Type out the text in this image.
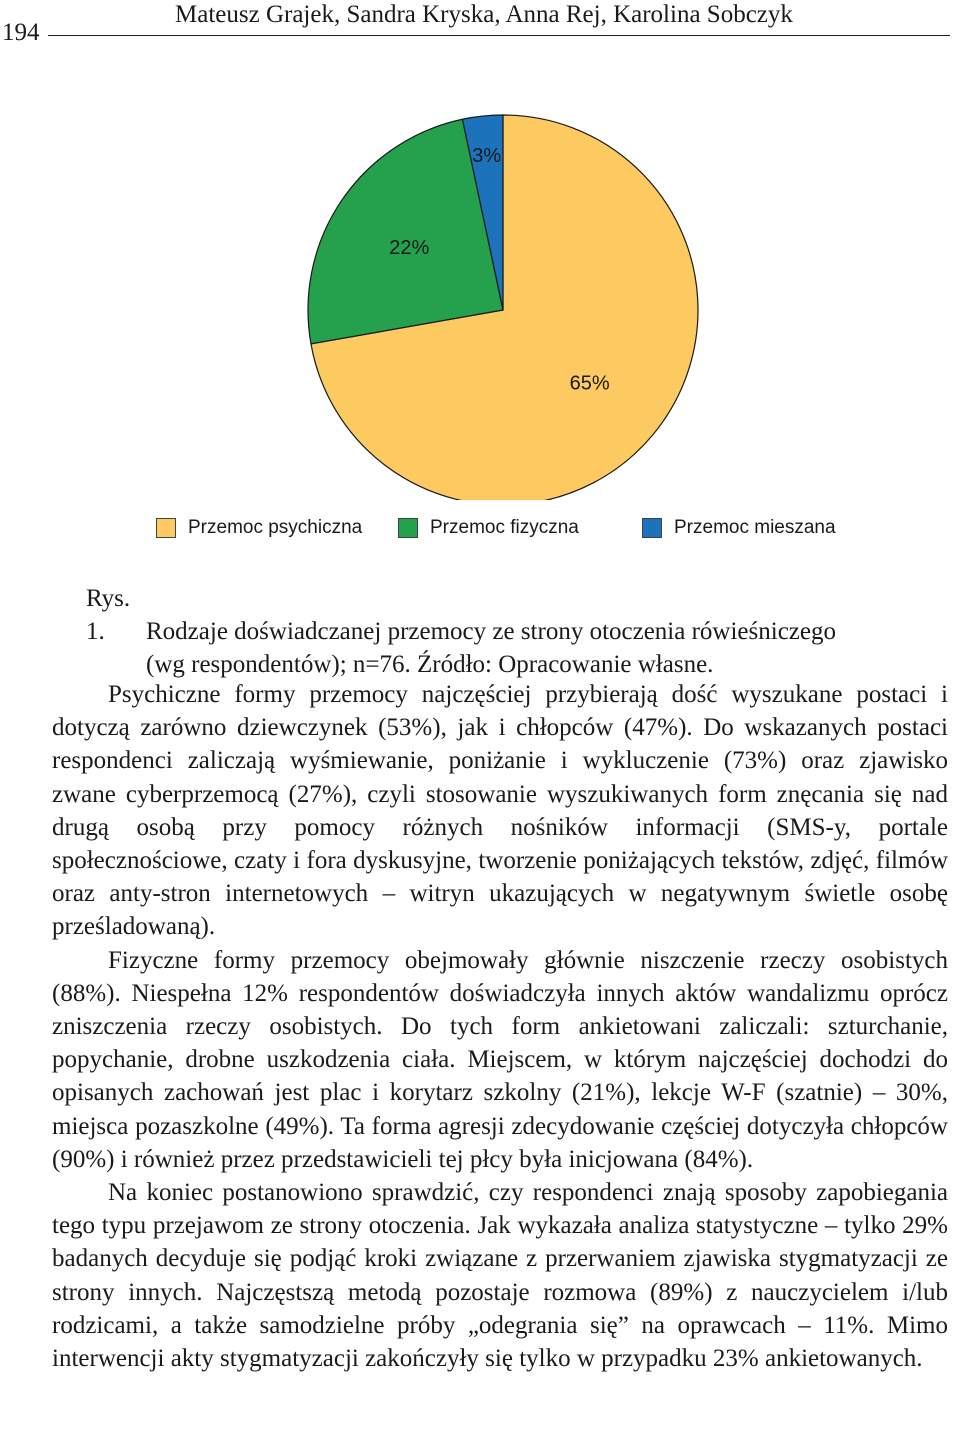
194
Mateusz Grajek, Sandra Kryska, Anna Rej, Karolina Sobczyk
65%
22%
3%
Przemoc psychiczna	Przemoc fizyczna	Przemoc mieszana
Rys. 1. Rodzaje doświadczanej przemocy ze strony otoczenia rówieśniczego
(wg respondentów); n=76. Źródło: Opracowanie własne.

Psychiczne formy przemocy najczęściej przybierają dość wyszukane postaci i dotyczą zarówno dziewczynek (53%), jak i chłopców (47%). Do wskazanych postaci respondenci zaliczają wyśmiewanie, poniżanie i wykluczenie (73%) oraz zjawisko zwane cyberprzemocą (27%), czyli stosowanie wyszukiwanych form znęcania się nad drugą osobą przy pomocy różnych nośników informacji (SMS-y, portale społecznościowe, czaty i fora dyskusyjne, tworzenie poniżających tekstów, zdjęć, filmów oraz anty-stron internetowych – witryn ukazujących w negatywnym świetle osobę prześladowaną).

Fizyczne formy przemocy obejmowały głównie niszczenie rzeczy osobistych (88%). Niespełna 12% respondentów doświadczyła innych aktów wandalizmu oprócz zniszczenia rzeczy osobistych. Do tych form ankietowani zaliczali: szturchanie, popychanie, drobne uszkodzenia ciała. Miejscem, w którym najczęściej dochodzi do opisanych zachowań jest plac i korytarz szkolny (21%), lekcje W-F (szatnie) – 30%, miejsca pozaszkolne (49%). Ta forma agresji zdecydowanie częściej dotyczyła chłopców (90%) i również przez przedstawicieli tej płcy była inicjowana (84%).

Na koniec postanowiono sprawdzić, czy respondenci znają sposoby zapobiegania tego typu przejawom ze strony otoczenia. Jak wykazała analiza statystyczne – tylko 29% badanych decyduje się podjąć kroki związane z przerwaniem zjawiska stygmatyzacji ze strony innych. Najczęstszą metodą pozostaje rozmowa (89%) z nauczycielem i/lub rodzicami, a także samodzielne próby „odegrania się” na oprawcach – 11%. Mimo interwencji akty stygmatyzacji zakończyły się tylko w przypadku 23% ankietowanych.
